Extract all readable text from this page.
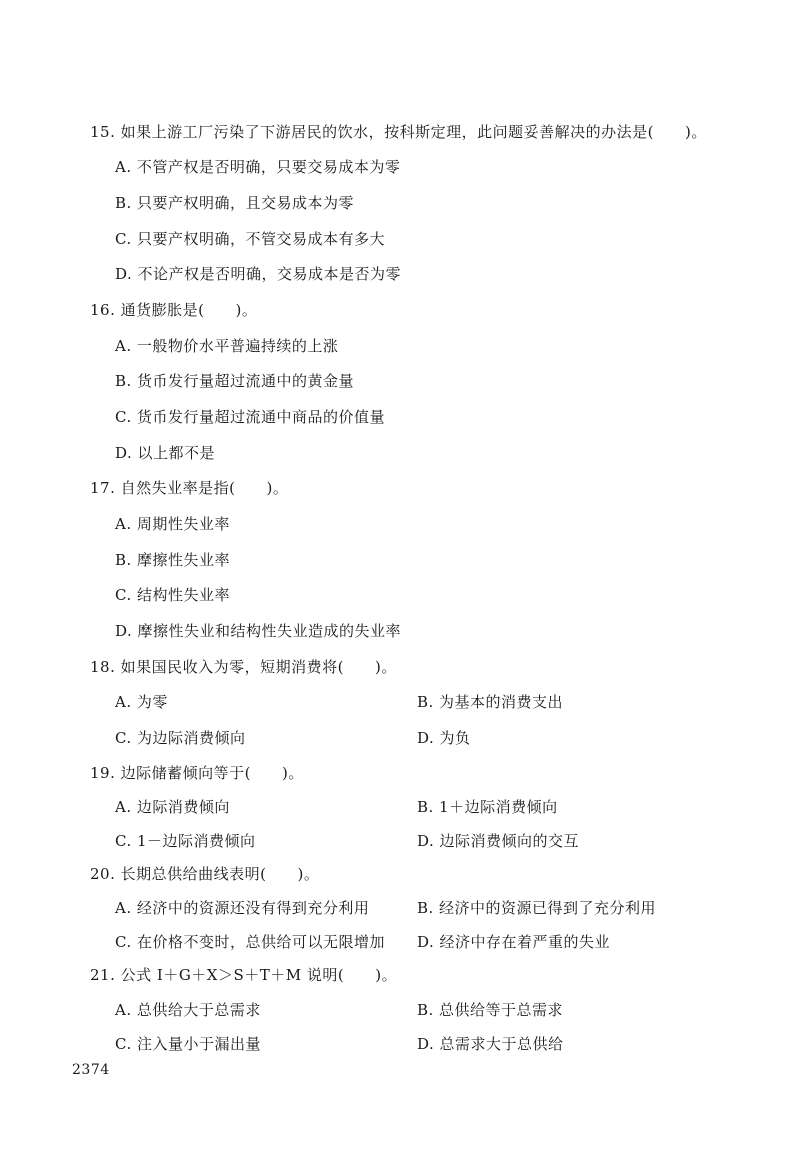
15. 如果上游工厂污染了下游居民的饮水，按科斯定理，此问题妥善解决的办法是(　　)。
A. 不管产权是否明确，只要交易成本为零
B. 只要产权明确，且交易成本为零
C. 只要产权明确，不管交易成本有多大
D. 不论产权是否明确，交易成本是否为零
16. 通货膨胀是(　　)。
A. 一般物价水平普遍持续的上涨
B. 货币发行量超过流通中的黄金量
C. 货币发行量超过流通中商品的价值量
D. 以上都不是
17. 自然失业率是指(　　)。
A. 周期性失业率
B. 摩擦性失业率
C. 结构性失业率
D. 摩擦性失业和结构性失业造成的失业率
18. 如果国民收入为零，短期消费将(　　)。
A. 为零	B. 为基本的消费支出
C. 为边际消费倾向	D. 为负
19. 边际储蓄倾向等于(　　)。
A. 边际消费倾向	B. 1＋边际消费倾向
C. 1－边际消费倾向	D. 边际消费倾向的交互
20. 长期总供给曲线表明(　　)。
A. 经济中的资源还没有得到充分利用	B. 经济中的资源已得到了充分利用
C. 在价格不变时，总供给可以无限增加 D. 经济中存在着严重的失业
21. 公式 I＋G＋X＞S＋T＋M 说明(　　)。
A. 总供给大于总需求	B. 总供给等于总需求
C. 注入量小于漏出量	D. 总需求大于总供给
2374
